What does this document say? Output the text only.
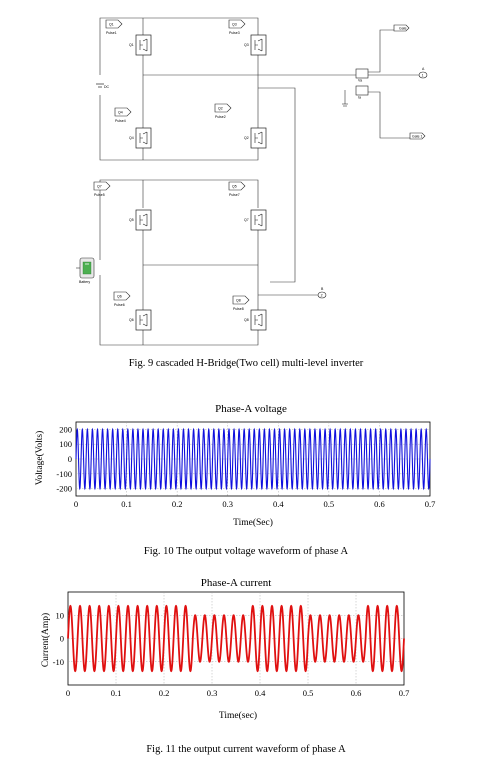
Q1
Pulse1
Q3
Pulse3
Q4
Pulse4
Q2
Pulse2
Q7
Pulse5
Q5
Pulse7
Q6
Pulse6
Q8
Pulse8
Q1	Q3
Q4	Q2
Q5	Q7
Q6	Q8
DC
Battery
Va
Ia
Gate
Gate 1
1
2
A
B
Fig. 9 cascaded H-Bridge(Two cell) multi-level inverter
Phase-A voltage
Voltage(Volts)
Time(Sec)
0	0.1	0.2	0.3	0.4	0.5	0.6	0.7
200
100
0
-100
-200
Fig. 10 The output voltage waveform of phase A
Phase-A current
Current(Amp)
Time(sec)
0	0.1	0.2	0.3	0.4	0.5	0.6	0.7
10
0
-10
Fig. 11 the output current waveform of phase A
